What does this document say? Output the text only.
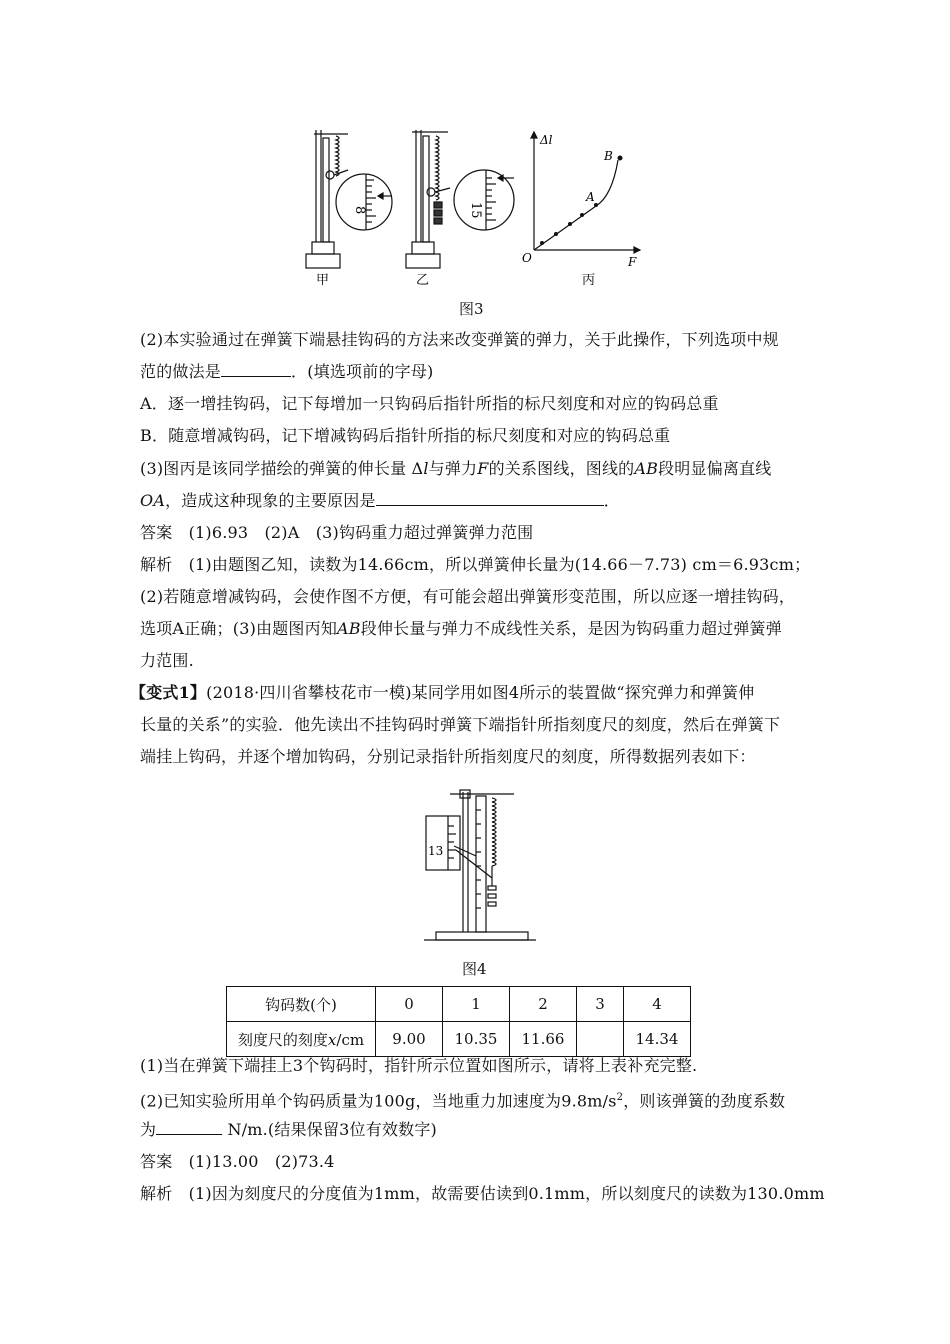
8	15
Δl
F
O
A
B
甲	乙	丙
图3
(2)本实验通过在弹簧下端悬挂钩码的方法来改变弹簧的弹力，关于此操作，下列选项中规
范的做法是	．(填选项前的字母)
A．逐一增挂钩码，记下每增加一只钩码后指针所指的标尺刻度和对应的钩码总重
B．随意增减钩码，记下增减钩码后指针所指的标尺刻度和对应的钩码总重
(3)图丙是该同学描绘的弹簧的伸长量 Δl与弹力F的关系图线，图线的AB段明显偏离直线
OA，造成这种现象的主要原因是	．
答案　(1)6.93　(2)A　(3)钩码重力超过弹簧弹力范围
解析　(1)由题图乙知，读数为14.66cm，所以弹簧伸长量为(14.66－7.73) cm＝6.93cm；
(2)若随意增减钩码，会使作图不方便，有可能会超出弹簧形变范围，所以应逐一增挂钩码，
选项A正确；(3)由题图丙知AB段伸长量与弹力不成线性关系，是因为钩码重力超过弹簧弹
力范围.
【变式1】(2018·四川省攀枝花市一模)某同学用如图4所示的装置做“探究弹力和弹簧伸
长量的关系”的实验．他先读出不挂钩码时弹簧下端指针所指刻度尺的刻度，然后在弹簧下
端挂上钩码，并逐个增加钩码，分别记录指针所指刻度尺的刻度，所得数据列表如下：
13
图4
钩码数(个)	0	1	2	3	4
刻度尺的刻度x/cm	9.00	10.35	11.66		14.34
(1)当在弹簧下端挂上3个钩码时，指针所示位置如图所示，请将上表补充完整.
(2)已知实验所用单个钩码质量为100g，当地重力加速度为$9.8m/s^2$，则该弹簧的劲度系数
为	N/m.(结果保留3位有效数字)
答案　(1)13.00　(2)73.4
解析　(1)因为刻度尺的分度值为1mm，故需要估读到0.1mm，所以刻度尺的读数为130.0mm
